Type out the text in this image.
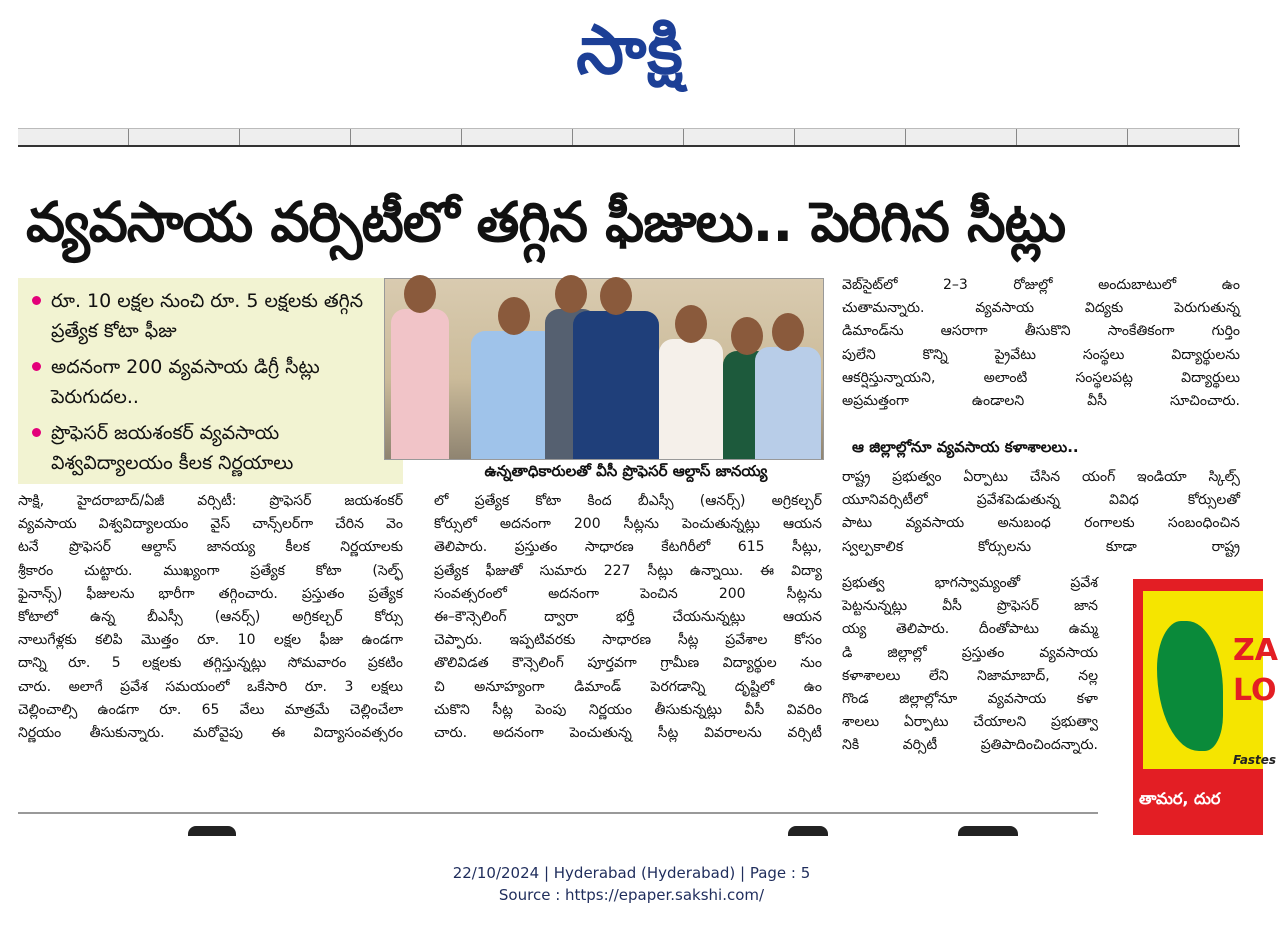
సాక్షి
వ్యవసాయ వర్సిటీలో తగ్గిన ఫీజులు.. పెరిగిన సీట్లు
రూ. 10 లక్షల నుంచి రూ. 5 లక్షలకు తగ్గిన ప్రత్యేక కోటా ఫీజు
అదనంగా 200 వ్యవసాయ డిగ్రీ సీట్లు పెరుగుదల..
ప్రొఫెసర్ జయశంకర్ వ్యవసాయ విశ్వవిద్యాలయం కీలక నిర్ణయాలు	ఉన్నతాధికారులతో వీసీ ప్రొఫెసర్ ఆల్దాస్ జానయ్య
సాక్షి, హైదరాబాద్/ఏజీ వర్సిటీ: ప్రొఫెసర్ జయశంకర్
వ్యవసాయ విశ్వవిద్యాలయం వైస్ చాన్స్‌లర్‌గా చేరిన వెం
టనే ప్రొఫెసర్ ఆల్దాస్ జానయ్య కీలక నిర్ణయాలకు
శ్రీకారం చుట్టారు. ముఖ్యంగా ప్రత్యేక కోటా (సెల్ఫ్
ఫైనాన్స్) ఫీజులను భారీగా తగ్గించారు. ప్రస్తుతం ప్రత్యేక
కోటాలో ఉన్న బీఎస్సీ (ఆనర్స్) అగ్రికల్చర్ కోర్సు
నాలుగేళ్లకు కలిపి మొత్తం రూ. 10 లక్షల ఫీజు ఉండగా
దాన్ని రూ. 5 లక్షలకు తగ్గిస్తున్నట్లు సోమవారం ప్రకటిం
చారు. అలాగే ప్రవేశ సమయంలో ఒకేసారి రూ. 3 లక్షలు
చెల్లించాల్సి ఉండగా రూ. 65 వేలు మాత్రమే చెల్లించేలా
నిర్ణయం తీసుకున్నారు. మరోవైపు ఈ విద్యాసంవత్సరం
లో ప్రత్యేక కోటా కింద బీఎస్సీ (ఆనర్స్) అగ్రికల్చర్
కోర్సులో అదనంగా 200 సీట్లను పెంచుతున్నట్లు ఆయన
తెలిపారు. ప్రస్తుతం సాధారణ కేటగిరీలో 615 సీట్లు,
ప్రత్యేక ఫీజుతో సుమారు 227 సీట్లు ఉన్నాయి. ఈ విద్యా
సంవత్సరంలో అదనంగా పెంచిన 200 సీట్లను
ఈ–కౌన్సెలింగ్ ద్వారా భర్తీ చేయనున్నట్లు ఆయన
చెప్పారు. ఇప్పటివరకు సాధారణ సీట్ల ప్రవేశాల కోసం
తొలివిడత కౌన్సెలింగ్ పూర్తవగా గ్రామీణ విద్యార్థుల నుం
చి అనూహ్యంగా డిమాండ్ పెరగడాన్ని దృష్టిలో ఉం
చుకొని సీట్ల పెంపు నిర్ణయం తీసుకున్నట్లు వీసీ వివరిం
చారు. అదనంగా పెంచుతున్న సీట్ల వివరాలను వర్సిటీ
వెబ్‌సైట్‌లో 2–3 రోజుల్లో అందుబాటులో ఉం
చుతామన్నారు. వ్యవసాయ విద్యకు పెరుగుతున్న
డిమాండ్‌ను ఆసరాగా తీసుకొని సాంకేతికంగా గుర్తిం
పులేని కొన్ని ప్రైవేటు సంస్థలు విద్యార్థులను
ఆకర్షిస్తున్నాయని, అలాంటి సంస్థలపట్ల విద్యార్థులు
అప్రమత్తంగా ఉండాలని వీసీ సూచించారు.
ఆ జిల్లాల్లోనూ వ్యవసాయ కళాశాలలు..
రాష్ట్ర ప్రభుత్వం ఏర్పాటు చేసిన యంగ్ ఇండియా స్కిల్స్
యూనివర్సిటీలో ప్రవేశపెడుతున్న వివిధ కోర్సులతో
పాటు వ్యవసాయ అనుబంధ రంగాలకు సంబంధించిన
స్వల్పకాలిక కోర్సులను కూడా రాష్ట్ర
ప్రభుత్వ భాగస్వామ్యంతో ప్రవేశ
పెట్టనున్నట్లు వీసీ ప్రొఫెసర్ జాన
య్య తెలిపారు. దీంతోపాటు ఉమ్మ
డి జిల్లాల్లో ప్రస్తుతం వ్యవసాయ
కళాశాలలు లేని నిజామాబాద్, నల్ల
గొండ జిల్లాల్లోనూ వ్యవసాయ కళా
శాలలు ఏర్పాటు చేయాలని ప్రభుత్వా
నికి వర్సిటీ ప్రతిపాదించిందన్నారు.
ZA LO
Fastes
తామర, దుర
22/10/2024 | Hyderabad (Hyderabad) | Page : 5
Source : https://epaper.sakshi.com/
